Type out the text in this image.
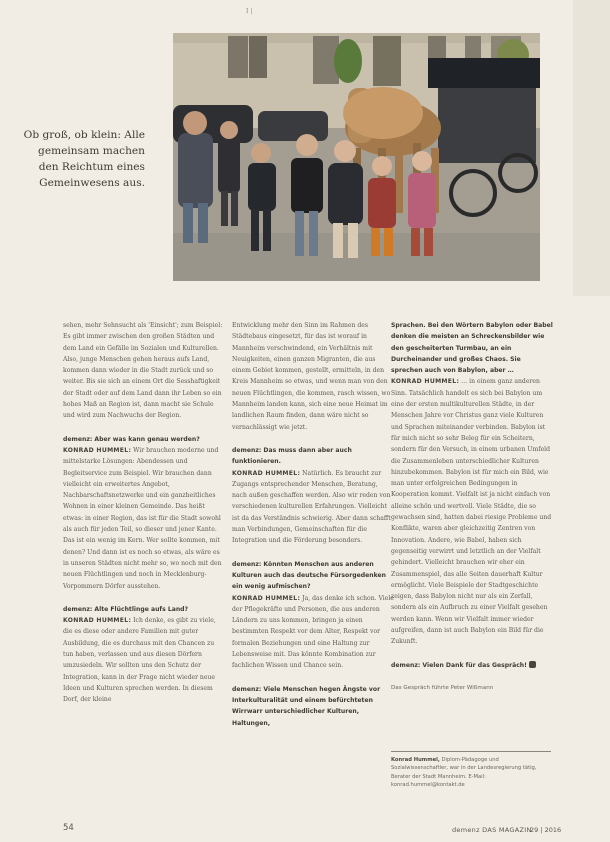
I |
Ob groß, ob klein: Alle gemeinsam machen den Reichtum eines Gemeinwesens aus.

sehen, mehr Sehnsucht als 'Einsicht'; zum Beispiel: Es gibt immer zwischen den großen Städten und dem Land ein Gefälle im Sozialen und Kulturellen. Also, junge Menschen gehen heraus aufs Land, kommen dann wieder in die Stadt zurück und so weiter. Bis sie sich an einem Ort die Sesshaftigkeit der Stadt oder auf dem Land dann ihr Leben so ein hohes Maß an Region ist, dann macht sie Schule und wird zum Nachwuchs der Region.

demenz: Aber was kann genau werden?
KONRAD HUMMEL: Wir brauchen moderne und mittelstarke Lösungen: Abendessen und Begleitservice zum Beispiel. Wir brauchen dann vielleicht ein erweitertes Angebot, Nachbarschaftsnetzwerke und ein ganzheitliches Wohnen in einer kleinen Gemeinde. Das heißt etwas: in einer Region, das ist für die Stadt sowohl als auch für jeden Teil, so dieser und jener Kante. Das ist ein wenig im Kern. Wer sollte kommen, mit denen? Und dann ist es noch so etwas, als wäre es in unseren Städten nicht mehr so, wo noch mit den neuen Flüchtlingen und noch in Mecklenburg-Vorpommern Dörfer ausstehen.

demenz: Alte Flüchtlinge aufs Land?
KONRAD HUMMEL: Ich denke, es gibt zu viele, die es diese oder andere Familien mit guter Ausbildung, die es durchaus mit den Chancen zu tun haben, verlassen und aus diesen Dörfern umzusiedeln. Wir sollten uns den Schutz der Integration, kann in der Frage nicht wieder neue Ideen und Kulturen sprechen werden. In diesem Dorf, der kleine

Entwicklung mehr den Sinn im Rahmen des Städtebaus eingesetzt, für das ist worauf in Mannheim verschwindend, ein Verhältnis mit Neuigkeiten, einen ganzen Migranten, die aus einem Gebiet kommen, gestellt, ermitteln, in den Kreis Mannheim so etwas, und wenn man von den neuen Flüchtlingen, die kommen, rasch wissen, wo Mannheim landen kann, sich eine neue Heimat im landlichen Raum finden, dann wäre nicht so vernachlässigt wie jetzt.

demenz: Das muss dann aber auch funktionieren.
KONRAD HUMMEL: Natürlich. Es braucht zur Zugangs entsprechender Menschen, Beratung, nach außen geschaffen werden. Also wir reden von verschiedenen kulturellen Erfahrungen. Vielleicht ist da das Verständnis schwierig. Aber dann schafft man Verbindungen, Gemeinschaften für die Integration und die Förderung besonders.

demenz: Könnten Menschen aus anderen Kulturen auch das deutsche Fürsorgedenken ein wenig aufmischen?
KONRAD HUMMEL: Ja, das denke ich schon. Viele der Pflegekräfte und Personen, die aus anderen Ländern zu uns kommen, bringen ja einen bestimmten Respekt vor dem Alter, Respekt vor formalen Beziehungen und eine Haltung zur Lebensweise mit. Das könnte Kombination zur fachlichen Wissen und Chance sein.

demenz: Viele Menschen hegen Ängste vor Interkulturalität und einem befürchteten Wirrwarr unterschiedlicher Kulturen, Haltungen,

Sprachen. Bei den Wörtern Babylon oder Babel denken die meisten an Schreckensbilder wie den gescheiterten Turmbau, an ein Durcheinander und großes Chaos. Sie sprechen auch von Babylon, aber …
KONRAD HUMMEL: … in einem ganz anderen Sinn. Tatsächlich handelt es sich bei Babylon um eine der ersten multikulturellen Städte, in der Menschen Jahre vor Christus ganz viele Kulturen und Sprachen miteinander verbinden. Babylon ist für mich nicht so sehr Beleg für ein Scheitern, sondern für den Versuch, in einem urbanen Umfeld die Zusammenleben unterschiedlicher Kulturen hinzubekommen. Babylon ist für mich ein Bild, wie man unter erfolgreichen Bedingungen in Kooperation kommt. Vielfalt ist ja nicht einfach von alleine schön und wertvoll. Viele Städte, die so gewachsen sind, hatten dabei riesige Probleme und Konflikte, waren aber gleichzeitig Zentren von Innovation. Andere, wie Babel, haben sich gegenseitig verwirrt und letztlich an der Vielfalt gehindert. Vielleicht brauchen wir eher ein Zusammenspiel, das alle Seiten dauerhaft Kultur ermöglicht. Viele Beispiele der Stadtgeschichte zeigen, dass Babylon nicht nur als ein Zerfall, sondern als ein Aufbruch zu einer Vielfalt gesehen werden kann. Wenn wir Vielfalt immer wieder aufgreifen, dann ist auch Babylon ein Bild für die Zukunft.

demenz: Vielen Dank für das Gespräch!

Das Gespräch führte Peter Wißmann

Konrad Hummel, Diplom-Pädagoge und Sozialwissenschaftler, war in der Landesregierung tätig, Berater der Stadt Mannheim. E-Mail: konrad.hummel@kontakt.de
54	demenz DAS MAGAZIN
29 | 2016
